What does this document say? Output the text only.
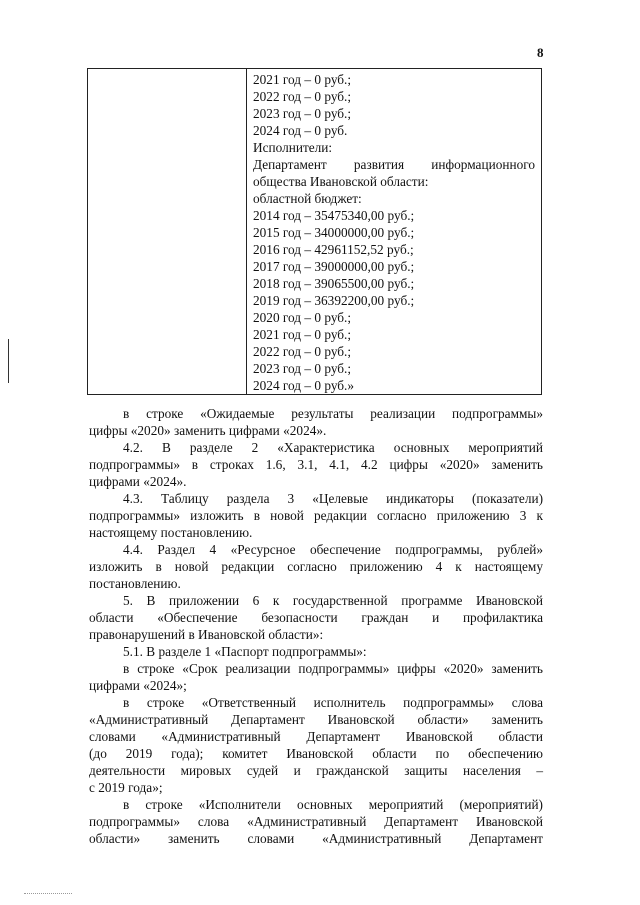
8

2021 год – 0 руб.;
2022 год – 0 руб.;
2023 год – 0 руб.;
2024 год – 0 руб.
Исполнители:
Департамент развития информационного
общества Ивановской области:
областной бюджет:
2014 год – 35475340,00 руб.;
2015 год – 34000000,00 руб.;
2016 год – 42961152,52 руб.;
2017 год – 39000000,00 руб.;
2018 год – 39065500,00 руб.;
2019 год – 36392200,00 руб.;
2020 год – 0 руб.;
2021 год – 0 руб.;
2022 год – 0 руб.;
2023 год – 0 руб.;
2024 год – 0 руб.»
в строке «Ожидаемые результаты реализации подпрограммы»
цифры «2020» заменить цифрами «2024».
4.2. В разделе 2 «Характеристика основных мероприятий
подпрограммы» в строках 1.6, 3.1, 4.1, 4.2 цифры «2020» заменить
цифрами «2024».
4.3. Таблицу раздела 3 «Целевые индикаторы (показатели)
подпрограммы» изложить в новой редакции согласно приложению 3 к
настоящему постановлению.
4.4. Раздел 4 «Ресурсное обеспечение подпрограммы, рублей»
изложить в новой редакции согласно приложению 4 к настоящему
постановлению.
5. В приложении 6 к государственной программе Ивановской
области «Обеспечение безопасности граждан и профилактика
правонарушений в Ивановской области»:
5.1. В разделе 1 «Паспорт подпрограммы»:
в строке «Срок реализации подпрограммы» цифры «2020» заменить
цифрами «2024»;
в строке «Ответственный исполнитель подпрограммы» слова
«Административный Департамент Ивановской области» заменить
словами «Административный Департамент Ивановской области
(до 2019 года); комитет Ивановской области по обеспечению
деятельности мировых судей и гражданской защиты населения –
с 2019 года»;
в строке «Исполнители основных мероприятий (мероприятий)
подпрограммы» слова «Административный Департамент Ивановской
области» заменить словами «Административный Департамент
